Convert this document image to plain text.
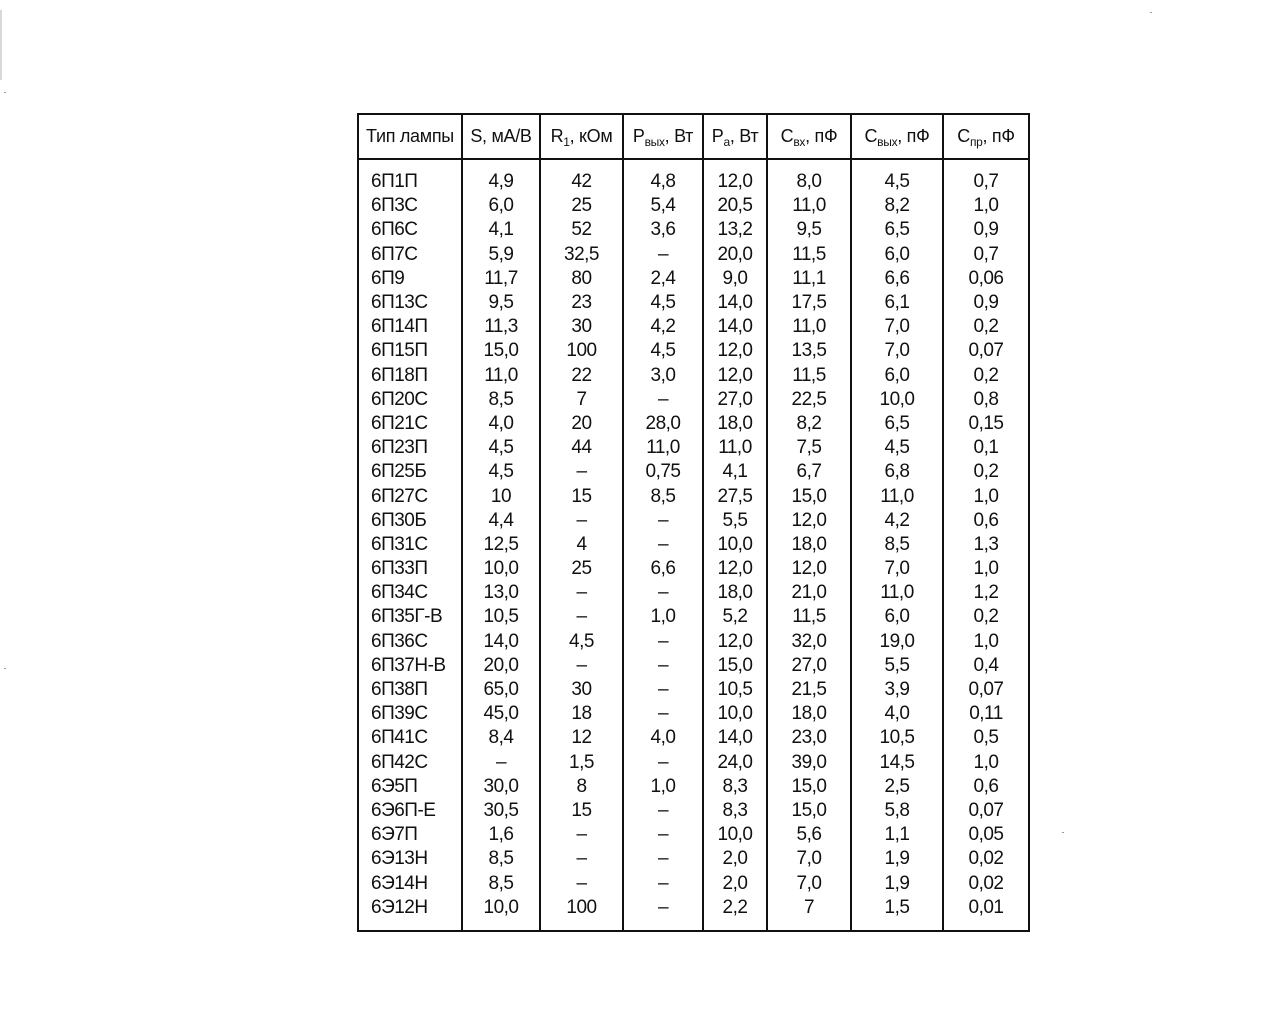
Тип лампы	S, мА/В	$R_1$, кОм	$P_{вых}$, Вт	$P_a$, Вт	$C_{вх}$, пФ	$C_{вых}$, пФ	$C_{пр}$, пФ
6П1П	4,9	42	4,8	12,0	8,0	4,5	0,7
6П3С	6,0	25	5,4	20,5	11,0	8,2	1,0
6П6С	4,1	52	3,6	13,2	9,5	6,5	0,9
6П7С	5,9	32,5	–	20,0	11,5	6,0	0,7
6П9	11,7	80	2,4	9,0	11,1	6,6	0,06
6П13С	9,5	23	4,5	14,0	17,5	6,1	0,9
6П14П	11,3	30	4,2	14,0	11,0	7,0	0,2
6П15П	15,0	100	4,5	12,0	13,5	7,0	0,07
6П18П	11,0	22	3,0	12,0	11,5	6,0	0,2
6П20С	8,5	7	–	27,0	22,5	10,0	0,8
6П21С	4,0	20	28,0	18,0	8,2	6,5	0,15
6П23П	4,5	44	11,0	11,0	7,5	4,5	0,1
6П25Б	4,5	–	0,75	4,1	6,7	6,8	0,2
6П27С	10	15	8,5	27,5	15,0	11,0	1,0
6П30Б	4,4	–	–	5,5	12,0	4,2	0,6
6П31С	12,5	4	–	10,0	18,0	8,5	1,3
6П33П	10,0	25	6,6	12,0	12,0	7,0	1,0
6П34С	13,0	–	–	18,0	21,0	11,0	1,2
6П35Г-В	10,5	–	1,0	5,2	11,5	6,0	0,2
6П36С	14,0	4,5	–	12,0	32,0	19,0	1,0
6П37Н-В	20,0	–	–	15,0	27,0	5,5	0,4
6П38П	65,0	30	–	10,5	21,5	3,9	0,07
6П39С	45,0	18	–	10,0	18,0	4,0	0,11
6П41С	8,4	12	4,0	14,0	23,0	10,5	0,5
6П42С	–	1,5	–	24,0	39,0	14,5	1,0
6Э5П	30,0	8	1,0	8,3	15,0	2,5	0,6
6Э6П-Е	30,5	15	–	8,3	15,0	5,8	0,07
6Э7П	1,6	–	–	10,0	5,6	1,1	0,05
6Э13Н	8,5	–	–	2,0	7,0	1,9	0,02
6Э14Н	8,5	–	–	2,0	7,0	1,9	0,02
6Э12Н	10,0	100	–	2,2	7	1,5	0,01
